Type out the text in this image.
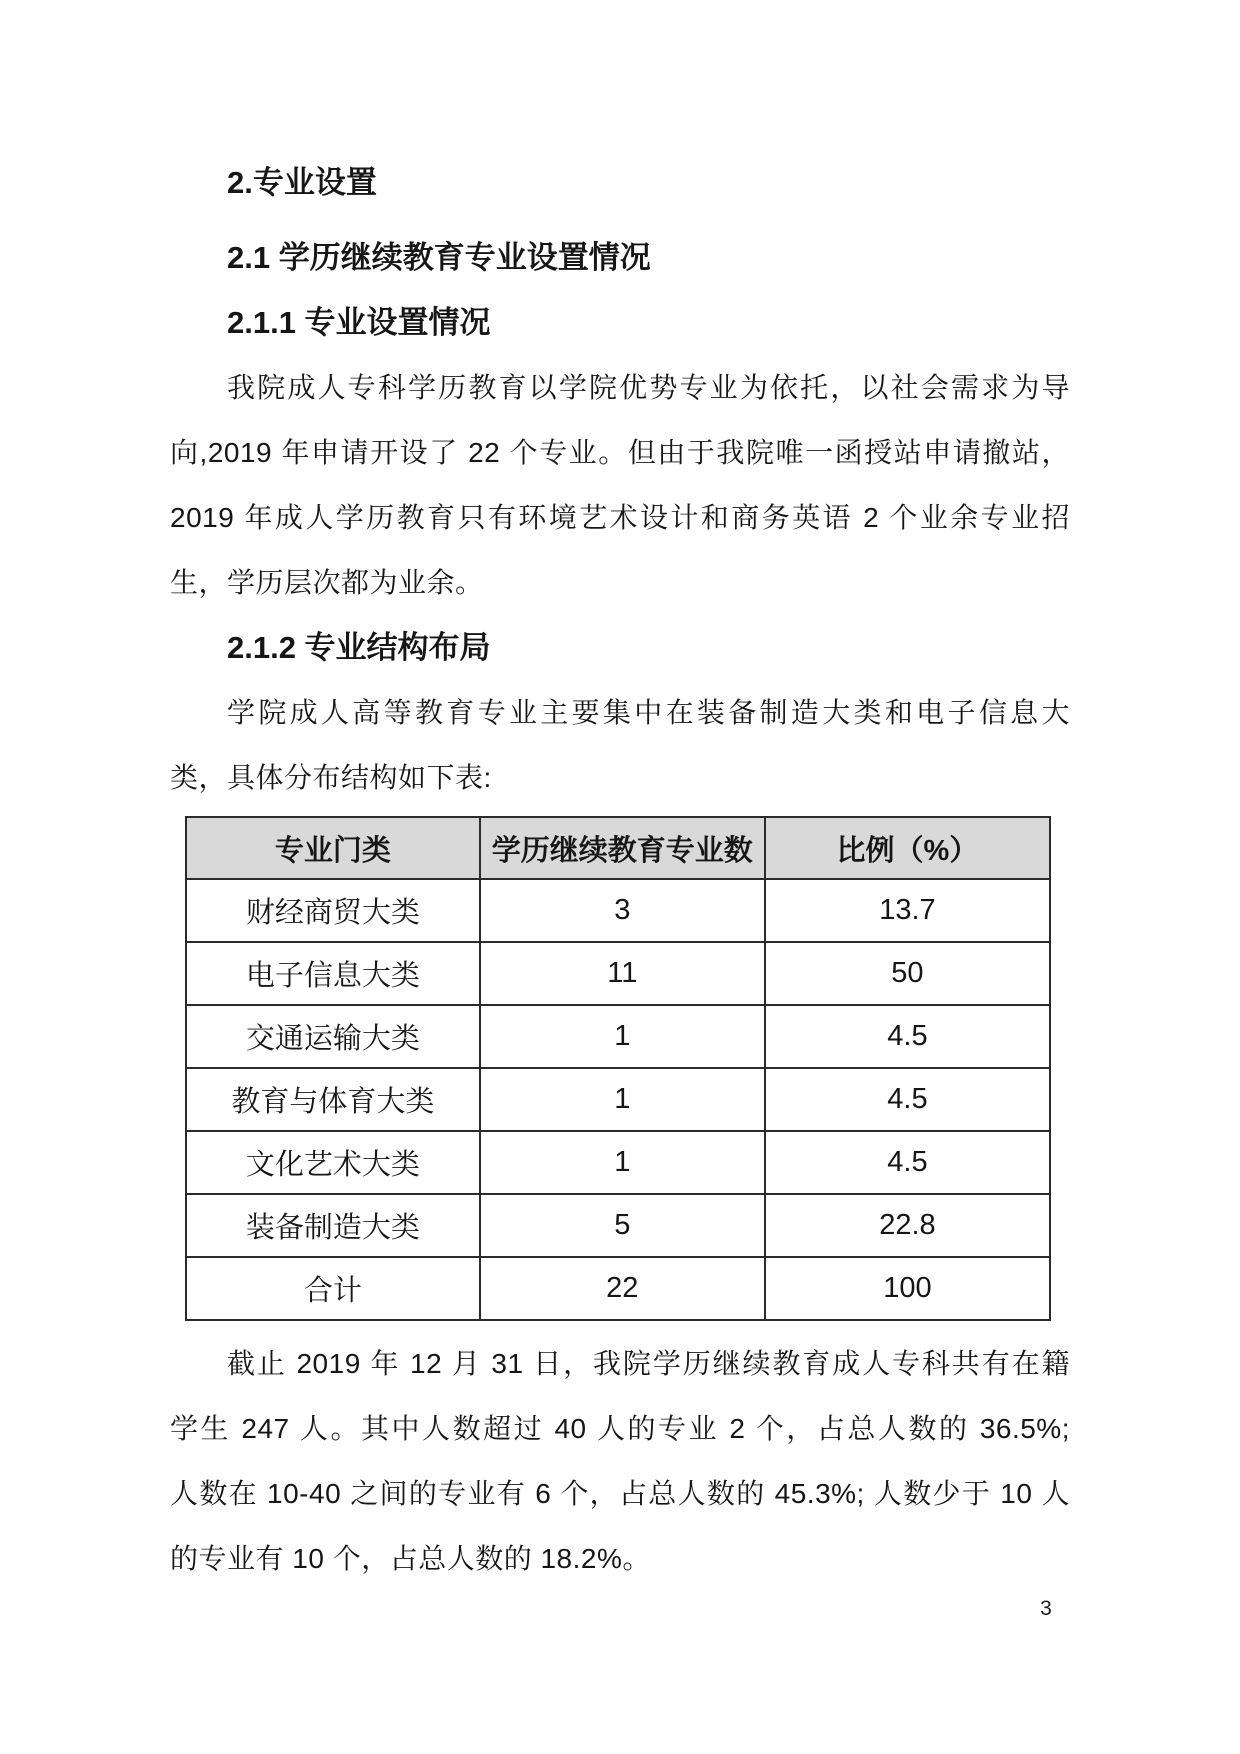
2.专业设置

2.1 学历继续教育专业设置情况

2.1.1 专业设置情况

我院成人专科学历教育以学院优势专业为依托，以社会需求为导

向,2019 年申请开设了 22 个专业。但由于我院唯一函授站申请撤站，

2019 年成人学历教育只有环境艺术设计和商务英语 2 个业余专业招

生，学历层次都为业余。

2.1.2 专业结构布局

学院成人高等教育专业主要集中在装备制造大类和电子信息大

类，具体分布结构如下表:

专业门类	学历继续教育专业数	比例（%）
财经商贸大类	3	13.7
电子信息大类	11	50
交通运输大类	1	4.5
教育与体育大类	1	4.5
文化艺术大类	1	4.5
装备制造大类	5	22.8
合计	22	100

截止 2019 年 12 月 31 日，我院学历继续教育成人专科共有在籍

学生 247 人。其中人数超过 40 人的专业 2 个，占总人数的 36.5%;

人数在 10-40 之间的专业有 6 个，占总人数的 45.3%; 人数少于 10 人

的专业有 10 个，占总人数的 18.2%。

3
